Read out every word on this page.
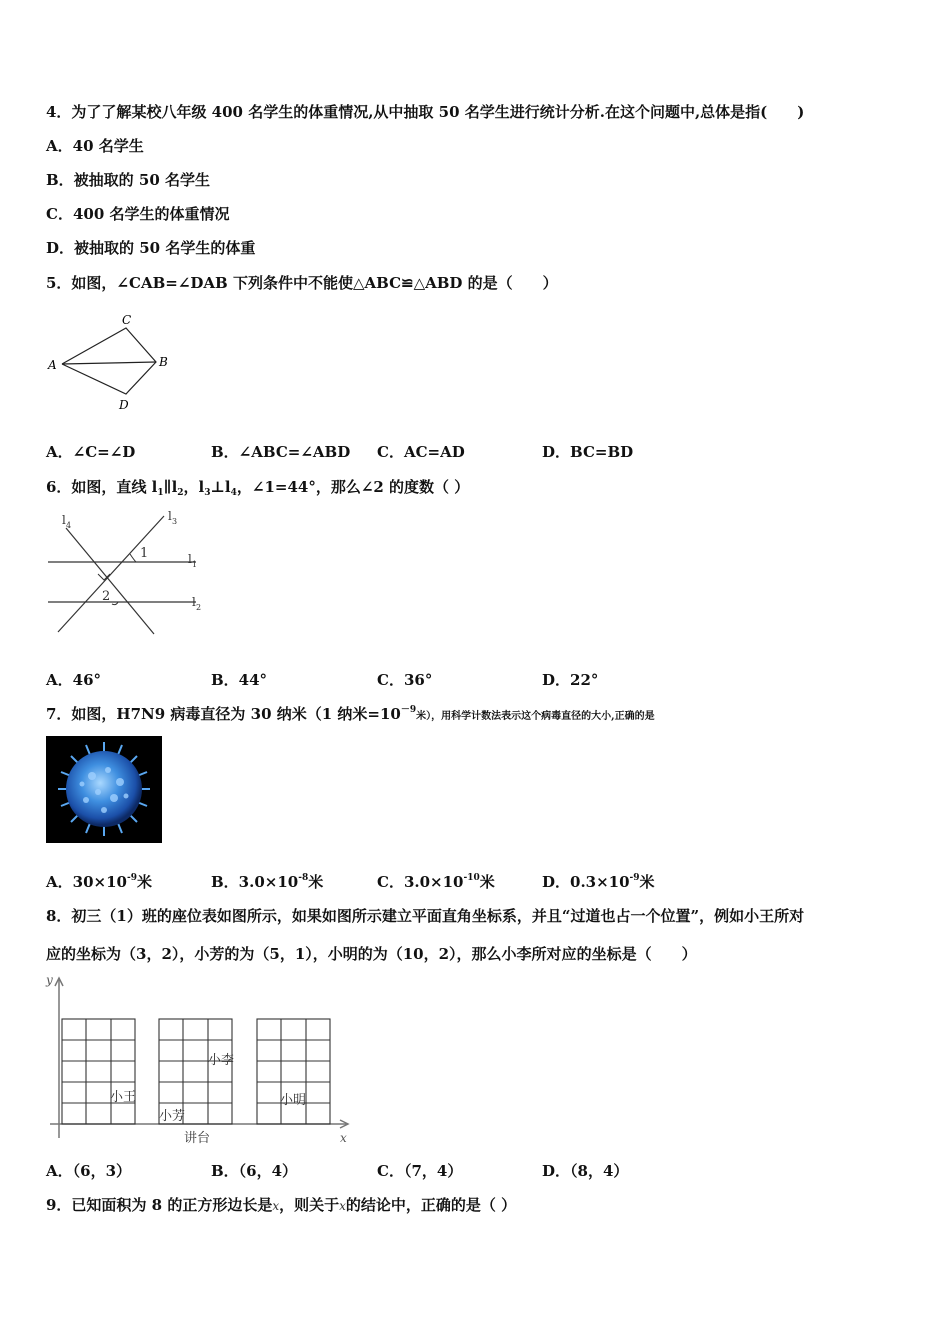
4．为了了解某校八年级 400 名学生的体重情况,从中抽取 50 名学生进行统计分析.在这个问题中,总体是指(　　)
A．40 名学生
B．被抽取的 50 名学生
C．400 名学生的体重情况
D．被抽取的 50 名学生的体重
5．如图，∠CAB=∠DAB 下列条件中不能使△ABC≌△ABD 的是（　　）
C
A	B
D
A．∠C=∠D	B．∠ABC=∠ABD C．AC=AD	D．BC=BD
6．如图，直线 $l_1\parallel l_2$，$l_3\perp l_4$，∠1=44°，那么∠2 的度数（ ）
l 4
l 3
l 1
l 2
1
2
A．46°	B．44°	C．36°	D．22°
7．如图，H7N9 病毒直径为 30 纳米（1 纳米$=10^{-9}$米），用科学计数法表示这个病毒直径的大小,正确的是
A．$30\times 10^{-9}$米	B．$3.0\times 10^{-8}$米	C．$3.0\times 10^{-10}$米	D．$0.3\times 10^{-9}$米
8．初三（1）班的座位表如图所示，如果如图所示建立平面直角坐标系，并且“过道也占一个位置”，例如小王所对
应的坐标为（3，2），小芳的为（5，1），小明的为（10，2），那么小李所对应的坐标是（　　）
y
x
小王
小芳
小李
小明
讲台
A．（6，3）	B．（6，4）	C．（7，4）	D．（8，4）
9．已知面积为 8 的正方形边长是x，则关于x的结论中，正确的是（ ）
